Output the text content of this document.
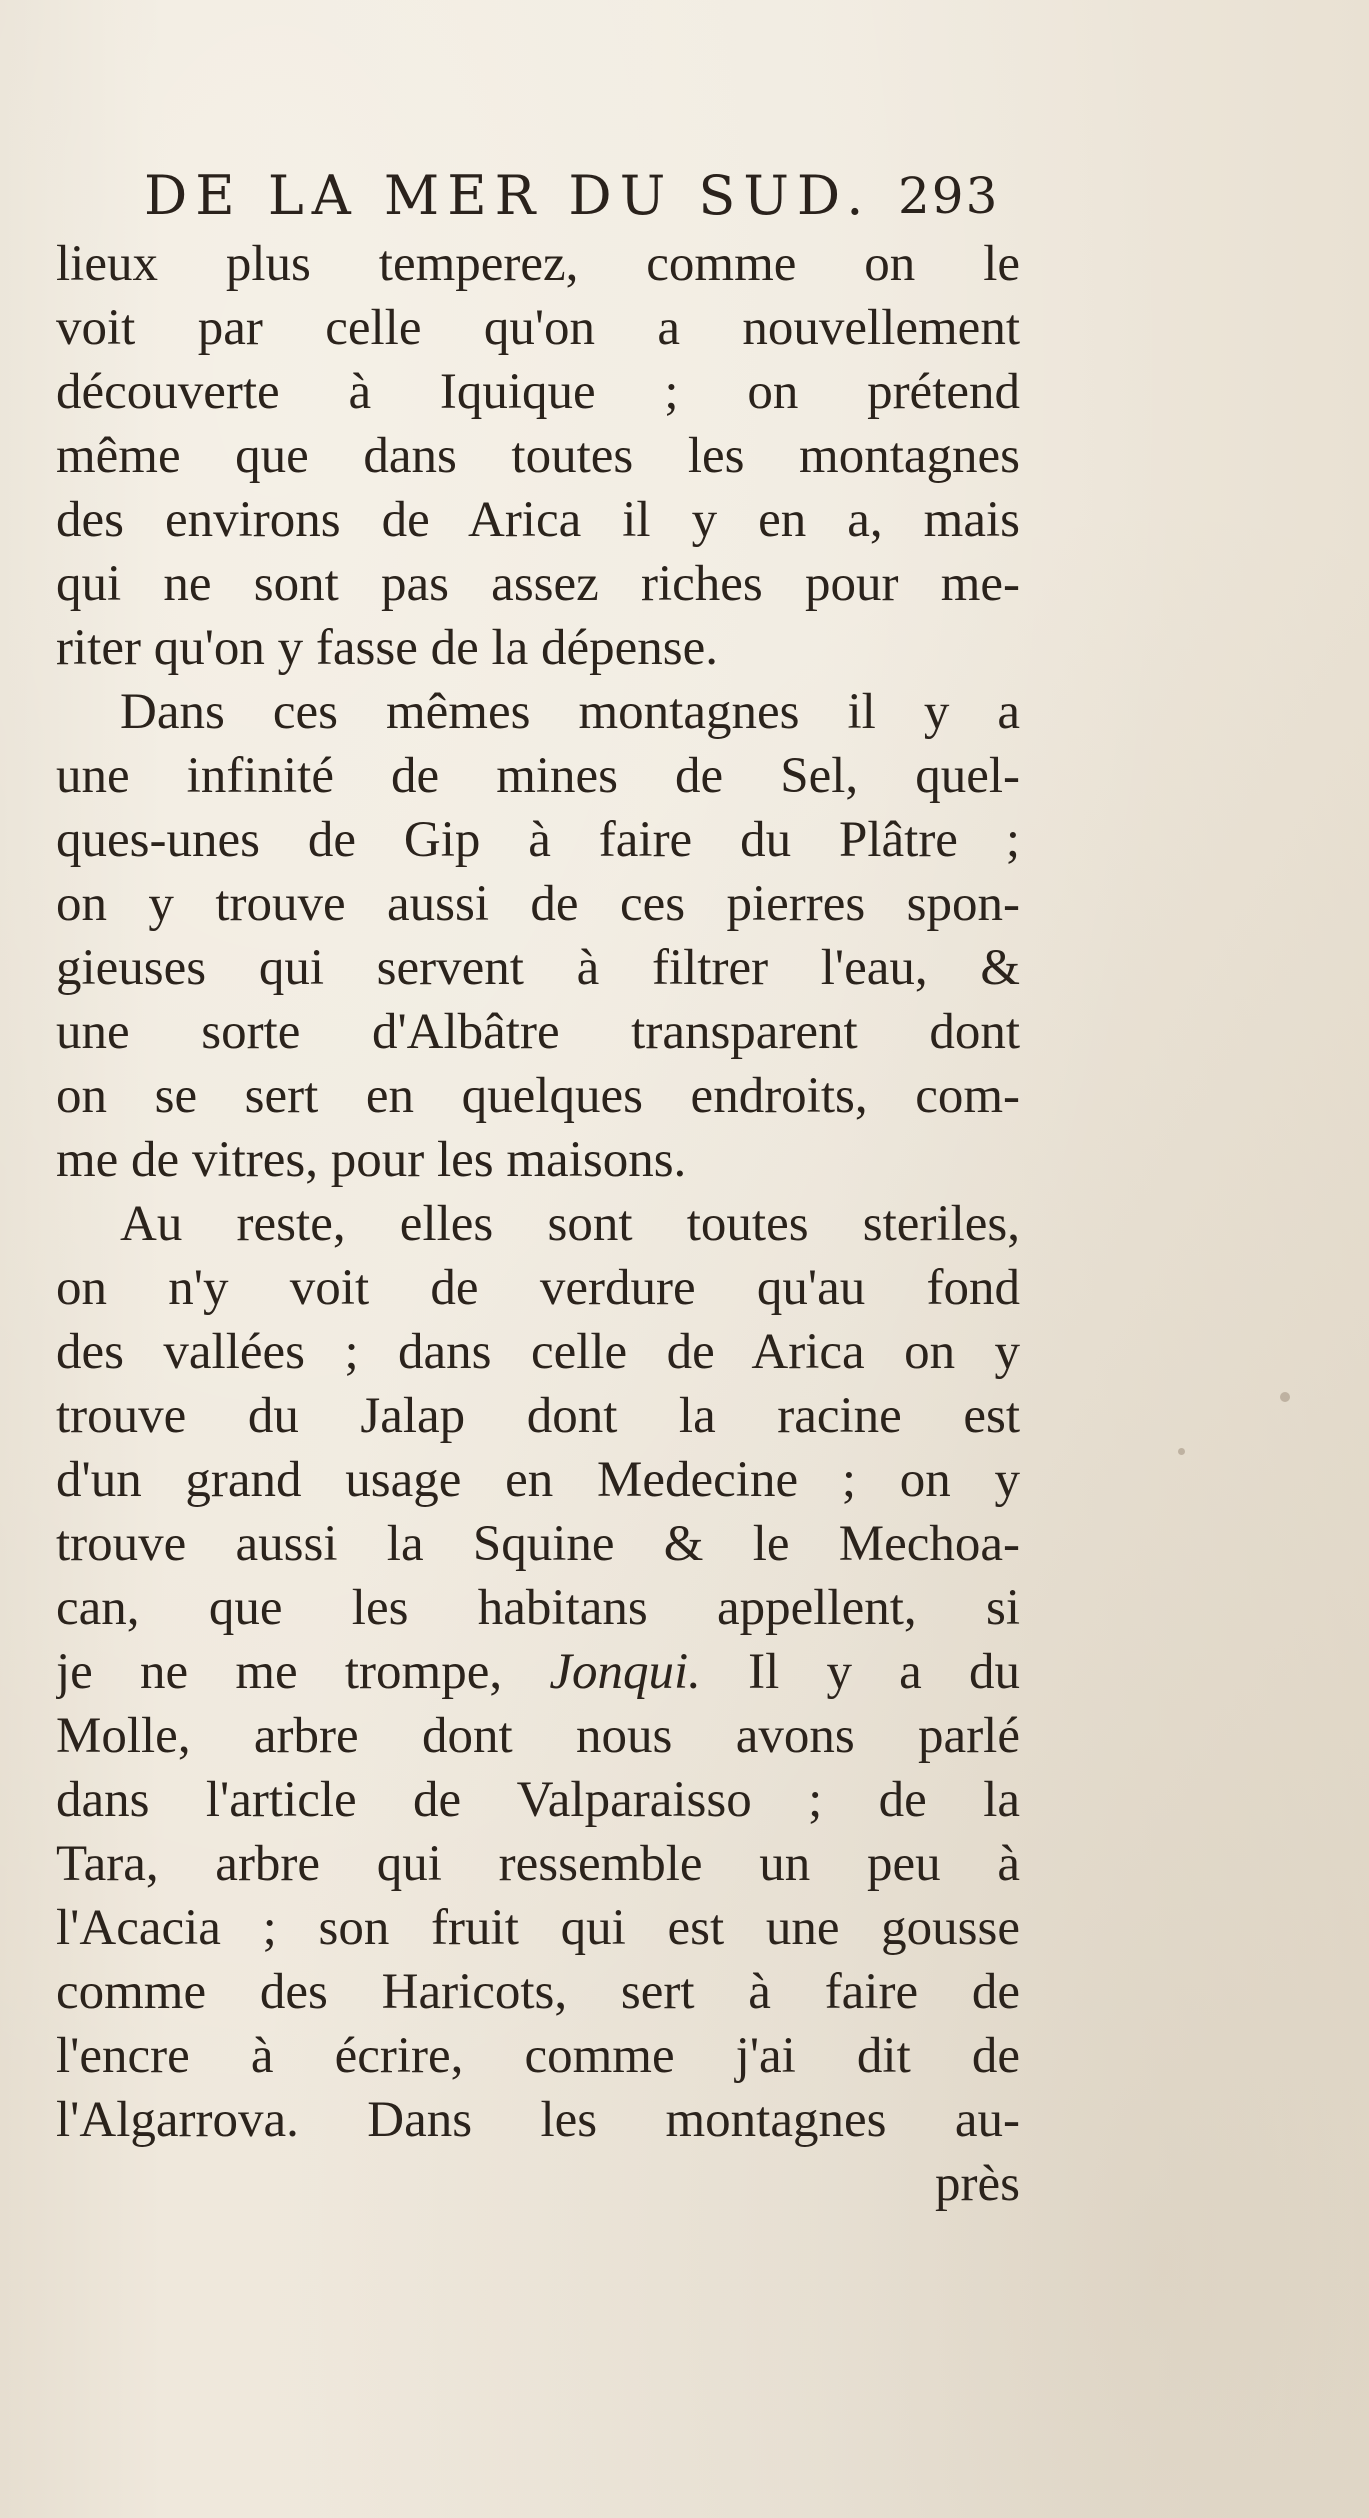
DE LA MER DU SUD. 293
lieux plus temperez, comme on le
voit par celle qu'on a nouvellement
découverte à Iquique ; on prétend
même que dans toutes les montagnes
des environs de Arica il y en a, mais
qui ne sont pas assez riches pour me-
riter qu'on y fasse de la dépense.
Dans ces mêmes montagnes il y a
une infinité de mines de Sel, quel-
ques-unes de Gip à faire du Plâtre ;
on y trouve aussi de ces pierres spon-
gieuses qui servent à filtrer l'eau, &
une sorte d'Albâtre transparent dont
on se sert en quelques endroits, com-
me de vitres, pour les maisons.
Au reste, elles sont toutes steriles,
on n'y voit de verdure qu'au fond
des vallées ; dans celle de Arica on y
trouve du Jalap dont la racine est
d'un grand usage en Medecine ; on y
trouve aussi la Squine & le Mechoa-
can, que les habitans appellent, si
je ne me trompe, Jonqui. Il y a du
Molle, arbre dont nous avons parlé
dans l'article de Valparaisso ; de la
Tara, arbre qui ressemble un peu à
l'Acacia ; son fruit qui est une gousse
comme des Haricots, sert à faire de
l'encre à écrire, comme j'ai dit de
l'Algarrova. Dans les montagnes au-
près
